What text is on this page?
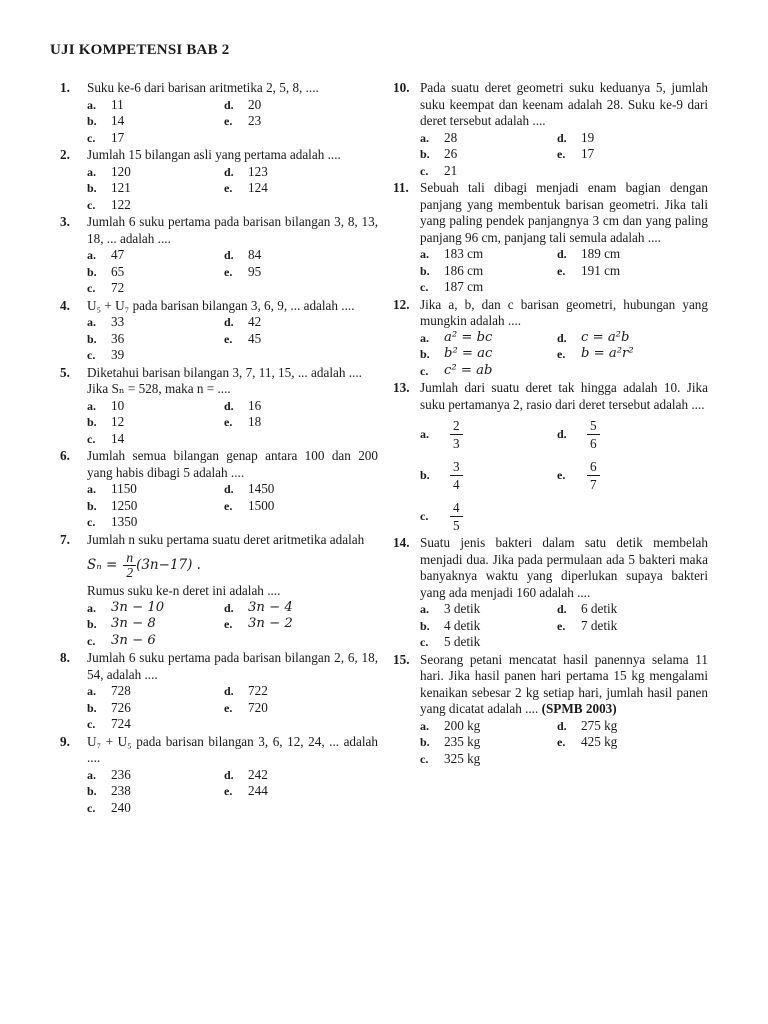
UJI KOMPETENSI BAB 2
1.	Suku ke-6 dari barisan aritmetika 2, 5, 8, ....
a.	11	d.	20
b.	14	e.	23
c.	17
2.	Jumlah 15 bilangan asli yang pertama adalah ....
a.	120	d.	123
b.	121	e.	124
c.	122
3.	Jumlah 6 suku pertama pada barisan bilangan 3, 8, 13, 18, ... adalah ....
a.	47	d.	84
b.	65	e.	95
c.	72
4.	U₅ + U₇ pada barisan bilangan 3, 6, 9, ... adalah ....
a.	33	d.	42
b.	36	e.	45
c.	39
5.	Diketahui barisan bilangan 3, 7, 11, 15, ... adalah ....

Jika Sₙ = 528, maka n = ....

a.	10	d.	16
b.	12	e.	18
c.	14
6.	Jumlah semua bilangan genap antara 100 dan 200 yang habis dibagi 5 adalah ....
a.	1150	d.	1450
b.	1250	e.	1500
c.	1350
7.	Jumlah n suku pertama suatu deret aritmetika adalah

$S_n = \frac{n}{2} (3n-17)$ .

Rumus suku ke-n deret ini adalah ....

a.	3n − 10	d.	3n − 4
b.	3n − 8	e.	3n − 2
c.	3n − 6
8.	Jumlah 6 suku pertama pada barisan bilangan 2, 6, 18, 54, adalah ....
a.	728	d.	722
b.	726	e.	720
c.	724
9.	U₇ + U₅ pada barisan bilangan 3, 6, 12, 24, ... adalah ....
a.	236	d.	242
b.	238	e.	244
c.	240
10. Pada suatu deret geometri suku keduanya 5, jumlah suku keempat dan keenam adalah 28. Suku ke-9 dari deret tersebut adalah ....
a.	28	d.	19
b.	26	e.	17
c.	21
11. Sebuah tali dibagi menjadi enam bagian dengan panjang yang membentuk barisan geometri. Jika tali yang paling pendek panjangnya 3 cm dan yang paling panjang 96 cm, panjang tali semula adalah ....
a.	183 cm	d.	189 cm
b.	186 cm	e.	191 cm
c.	187 cm
12. Jika a, b, dan c barisan geometri, hubungan yang mungkin adalah ....
a.	a² = bc	d.	c = a²b
b.	b² = ac	e.	b = a²r²
c.	c² = ab
13. Jumlah dari suatu deret tak hingga adalah 10. Jika suku pertamanya 2, rasio dari deret tersebut adalah ....
a.	$\frac{2}{3}$	d.	$\frac{5}{6}$
b.	$\frac{3}{4}$	e.	$\frac{6}{7}$
c.	$\frac{4}{5}$
14. Suatu jenis bakteri dalam satu detik membelah menjadi dua. Jika pada permulaan ada 5 bakteri maka banyaknya waktu yang diperlukan supaya bakteri yang ada menjadi 160 adalah ....
a.	3 detik	d.	6 detik
b.	4 detik	e.	7 detik
c.	5 detik
15. Seorang petani mencatat hasil panennya selama 11 hari. Jika hasil panen hari pertama 15 kg mengalami kenaikan sebesar 2 kg setiap hari, jumlah hasil panen yang dicatat adalah .... (SPMB 2003)
a.	200 kg	d.	275 kg
b.	235 kg	e.	425 kg
c.	325 kg
